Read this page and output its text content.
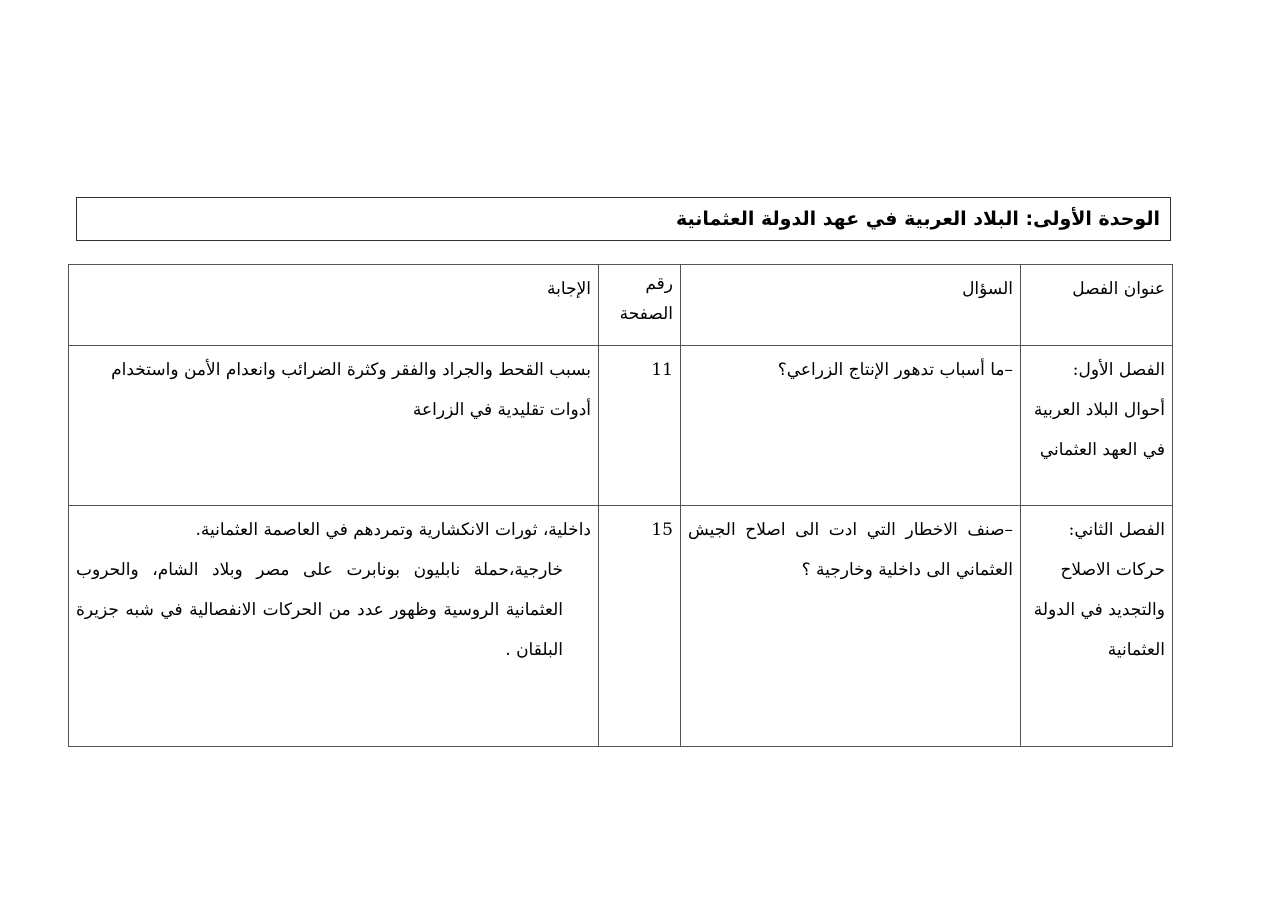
الوحدة الأولى: البلاد العربية في عهد الدولة العثمانية
عنوان الفصل	السؤال	رقم الصفحة	الإجابة
الفصل الأول: أحوال البلاد العربية في العهد العثماني	–ما أسباب تدهور الإنتاج الزراعي؟	11	بسبب القحط والجراد والفقر وكثرة الضرائب وانعدام الأمن واستخدام أدوات تقليدية في الزراعة
الفصل الثاني: حركات الاصلاح والتجديد في الدولة العثمانية	–صنف الاخطار التي ادت الى اصلاح الجيش العثماني الى داخلية وخارجية ؟	15	داخلية، ثورات الانكشارية وتمردهم في العاصمة العثمانية.
خارجية،حملة نابليون بونابرت على مصر وبلاد الشام، والحروب العثمانية الروسية وظهور عدد من الحركات الانفصالية في شبه جزيرة البلقان .
